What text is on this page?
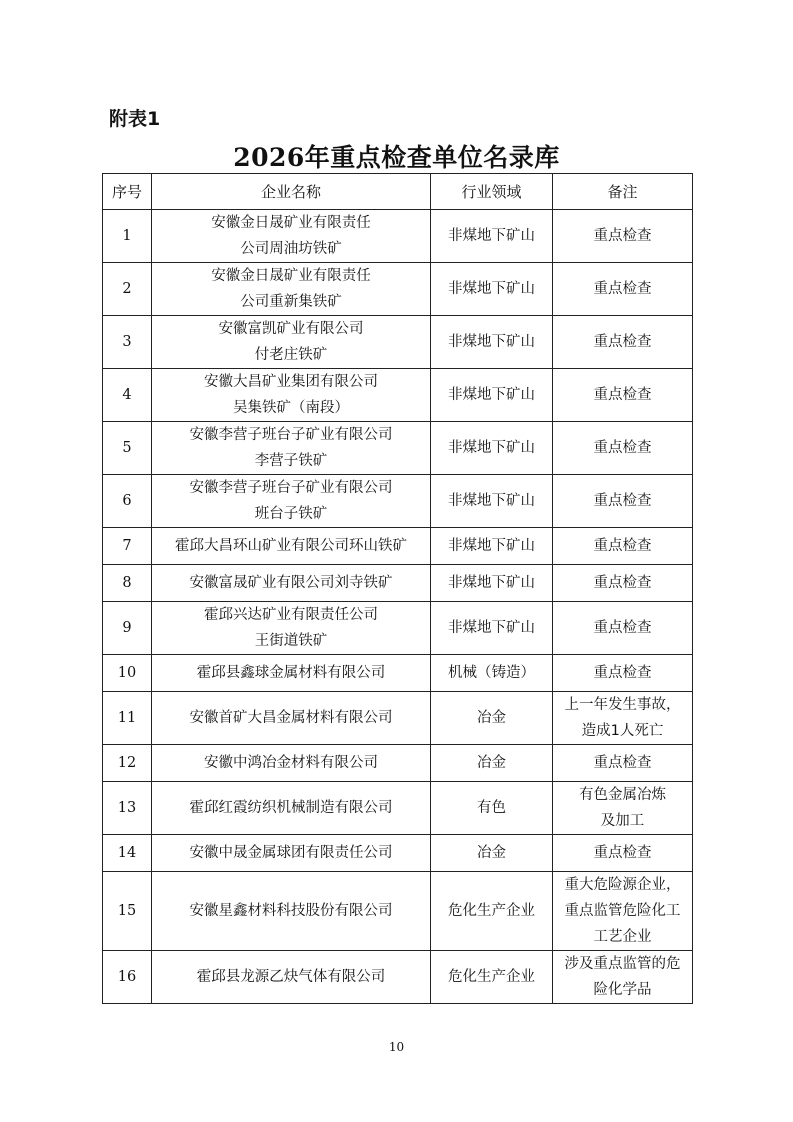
附表1
2026年重点检查单位名录库
序号	企业名称	行业领域	备注
1	安徽金日晟矿业有限责任
公司周油坊铁矿	非煤地下矿山	重点检查

2	安徽金日晟矿业有限责任
公司重新集铁矿	非煤地下矿山	重点检查

3	安徽富凯矿业有限公司
付老庄铁矿	非煤地下矿山	重点检查

4	安徽大昌矿业集团有限公司
吴集铁矿（南段）	非煤地下矿山	重点检查

5	安徽李营子班台子矿业有限公司
李营子铁矿	非煤地下矿山	重点检查

6	安徽李营子班台子矿业有限公司
班台子铁矿	非煤地下矿山	重点检查

7	霍邱大昌环山矿业有限公司环山铁矿	非煤地下矿山	重点检查

8	安徽富晟矿业有限公司刘寺铁矿	非煤地下矿山	重点检查

9	霍邱兴达矿业有限责任公司
王街道铁矿	非煤地下矿山	重点检查

10	霍邱县鑫球金属材料有限公司	机械（铸造）	重点检查

11	安徽首矿大昌金属材料有限公司	冶金	上一年发生事故，
造成1人死亡

12	安徽中鸿冶金材料有限公司	冶金	重点检查

13	霍邱红霞纺织机械制造有限公司	有色	有色金属冶炼
及加工

14	安徽中晟金属球团有限责任公司	冶金	重点检查

15	安徽星鑫材料科技股份有限公司	危化生产企业	重大危险源企业，
重点监管危险化工
工艺企业

16	霍邱县龙源乙炔气体有限公司	危化生产企业	涉及重点监管的危
险化学品
10
